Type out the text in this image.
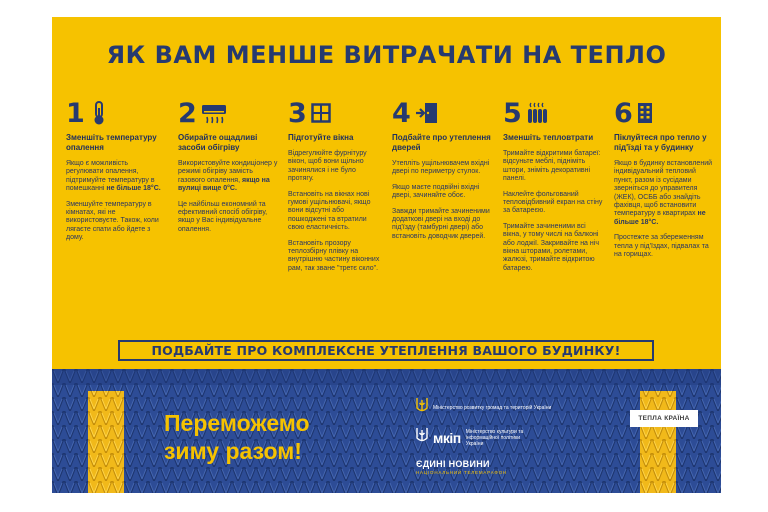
ЯК ВАМ МЕНШЕ ВИТРАЧАТИ НА ТЕПЛО
1
Зменшіть температуру опалення

Якщо є можливість регулювати опалення, підтримуйте температуру в помешканні не більше 18°C.

Зменшуйте температуру в кімнатах, які не використовуєте. Також, коли лягаєте спати або йдете з дому.

2
Обирайте ощадливі засоби обігріву

Використовуйте кондиціонер у режимі обігріву замість газового опалення, якщо на вулиці вище 0°C.

Це найбільш економний та ефективний спосіб обігріву, якщо у Вас індивідуальне опалення.

3
Підготуйте вікна

Відрегулюйте фурнітуру вікон, щоб вони щільно зачинялися і не було протягу.

Встановіть на вікнах нові гумові ущільнювачі, якщо вони відсутні або пошкоджені та втратили свою еластичність.

Встановіть прозору теплозбірну плівку на внутрішню частину віконних рам, так зване "третє скло".

4
Подбайте про утеплення дверей

Утепліть ущільнювачем вхідні двері по периметру стулок.

Якщо маєте подвійні вхідні двері, зачиняйте обоє.

Завжди тримайте зачиненими додаткові двері на вході до під'їзду (тамбурні двері) або встановіть доводчик дверей.

5
Зменшіть тепловтрати

Тримайте відкритими батареї: відсуньте меблі, підніміть штори, зніміть декоративні панелі.

Наклейте фольгований тепловідбивний екран на стіну за батареєю.

Тримайте зачиненими всі вікна, у тому числі на балконі або лоджії. Закривайте на ніч вікна шторами, ролетами, жалюзі, тримайте відкритою батарею.

6
Піклуйтеся про тепло у під'їзді та у будинку

Якщо в будинку встановлений індивідуальний тепловий пункт, разом із сусідами зверніться до управителя (ЖЕК), ОСББ або знайдіть фахівця, щоб встановити температуру в квартирах не більше 18°C.

Простежте за збереженням тепла у під'їздах, підвалах та на горищах.

ПОДБАЙТЕ ПРО КОМПЛЕКСНЕ УТЕПЛЕННЯ ВАШОГО БУДИНКУ!
Переможемо
зиму разом!
Міністерство розвитку громад та територій України
мкіп Міністерство культури та інформаційної політики України
ЄДИНІ НОВИНИ
НАЦІОНАЛЬНИЙ ТЕЛЕМАРАФОН
ТЕПЛА КРАЇНА
